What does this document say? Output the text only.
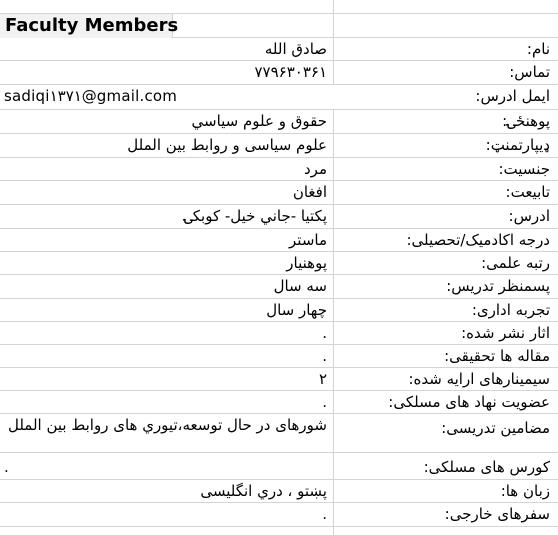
Faculty Members
صادق الله	نام:
۷۷۹۶۳۰۳۶۱	تماس:
sadiqi۱۳۷۱@gmail.com	ایمل ادرس:
حقوق و علوم سياسي	پوهنځۍ:
علوم سیاسی و روابط بين الملل	ډيپارتمنټ:
مرد	جنسیت:
افغان	تابیعت:
پکتیا -جاني خيل- کوبکۍ	ادرس:
ماستر	درجه اکادمیک/تحصیلی:
پوهنیار	رتبه علمی:
سه سال	پسمنظر تدریس:
چهار سال	تجربه اداری:
.	اثار نشر شده:
.	مقاله ها تحقیقی:
۲	سیمینارهای ارایه شده:
.	عضویت نهاد های مسلکی:
شورهای در حال توسعه،تیوري های روابط بين الملل	مضامین تدریسی:
.	کورس های مسلکی:
پښتو ، دري انگلیسی	زبان ها:
.	سفرهای خارجی:
